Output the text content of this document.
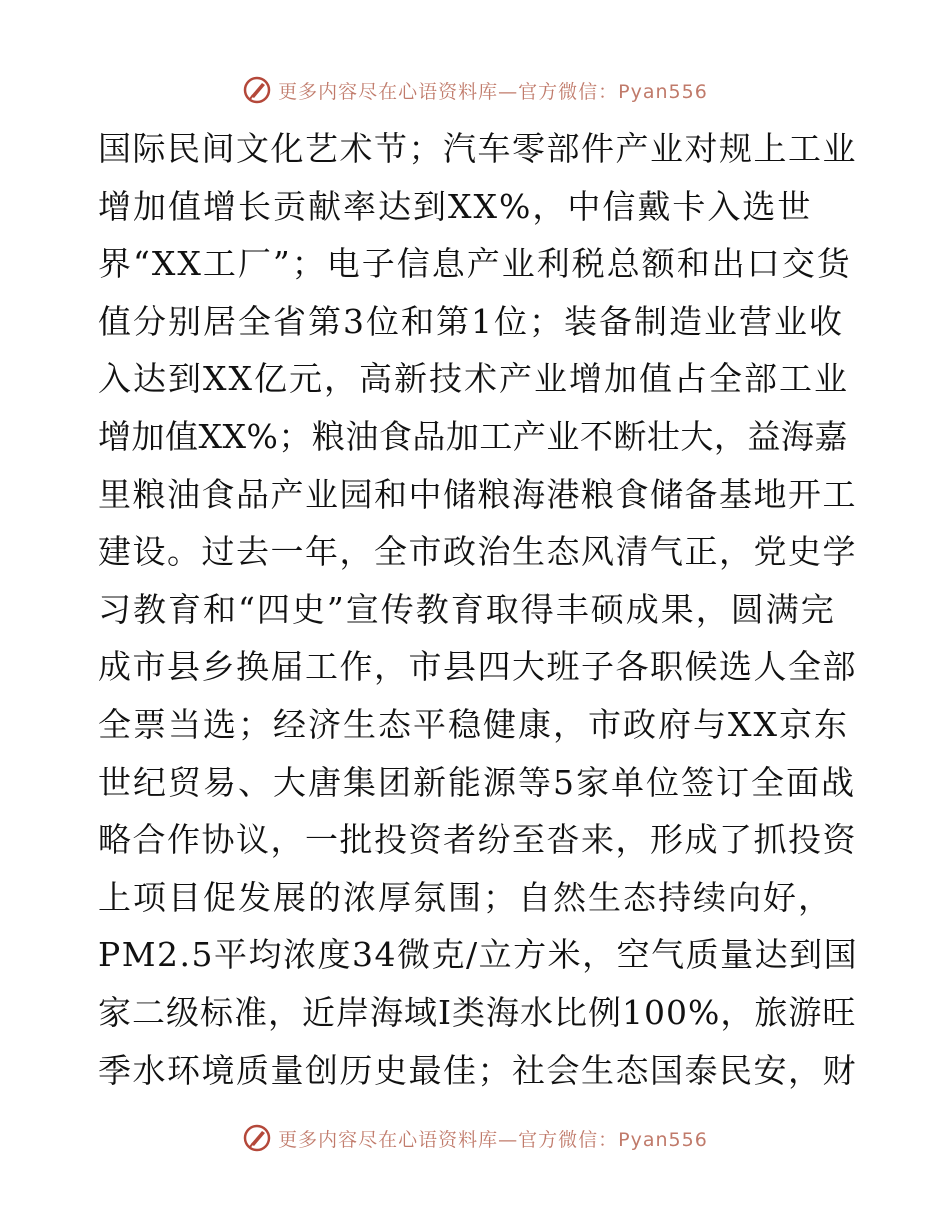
更多内容尽在心语资料库—官方微信：Pyan556
国际民间文化艺术节；汽车零部件产业对规上工业
增加值增长贡献率达到XX%，中信戴卡入选世
界“XX工厂”；电子信息产业利税总额和出口交货
值分别居全省第3位和第1位；装备制造业营业收
入达到XX亿元，高新技术产业增加值占全部工业
增加值XX%；粮油食品加工产业不断壮大，益海嘉
里粮油食品产业园和中储粮海港粮食储备基地开工
建设。过去一年，全市政治生态风清气正，党史学
习教育和“四史”宣传教育取得丰硕成果，圆满完
成市县乡换届工作，市县四大班子各职候选人全部
全票当选；经济生态平稳健康，市政府与XX京东
世纪贸易、大唐集团新能源等5家单位签订全面战
略合作协议，一批投资者纷至沓来，形成了抓投资
上项目促发展的浓厚氛围；自然生态持续向好，
PM2.5平均浓度34微克/立方米，空气质量达到国
家二级标准，近岸海域Ⅰ类海水比例100%，旅游旺
季水环境质量创历史最佳；社会生态国泰民安，财
更多内容尽在心语资料库—官方微信：Pyan556
